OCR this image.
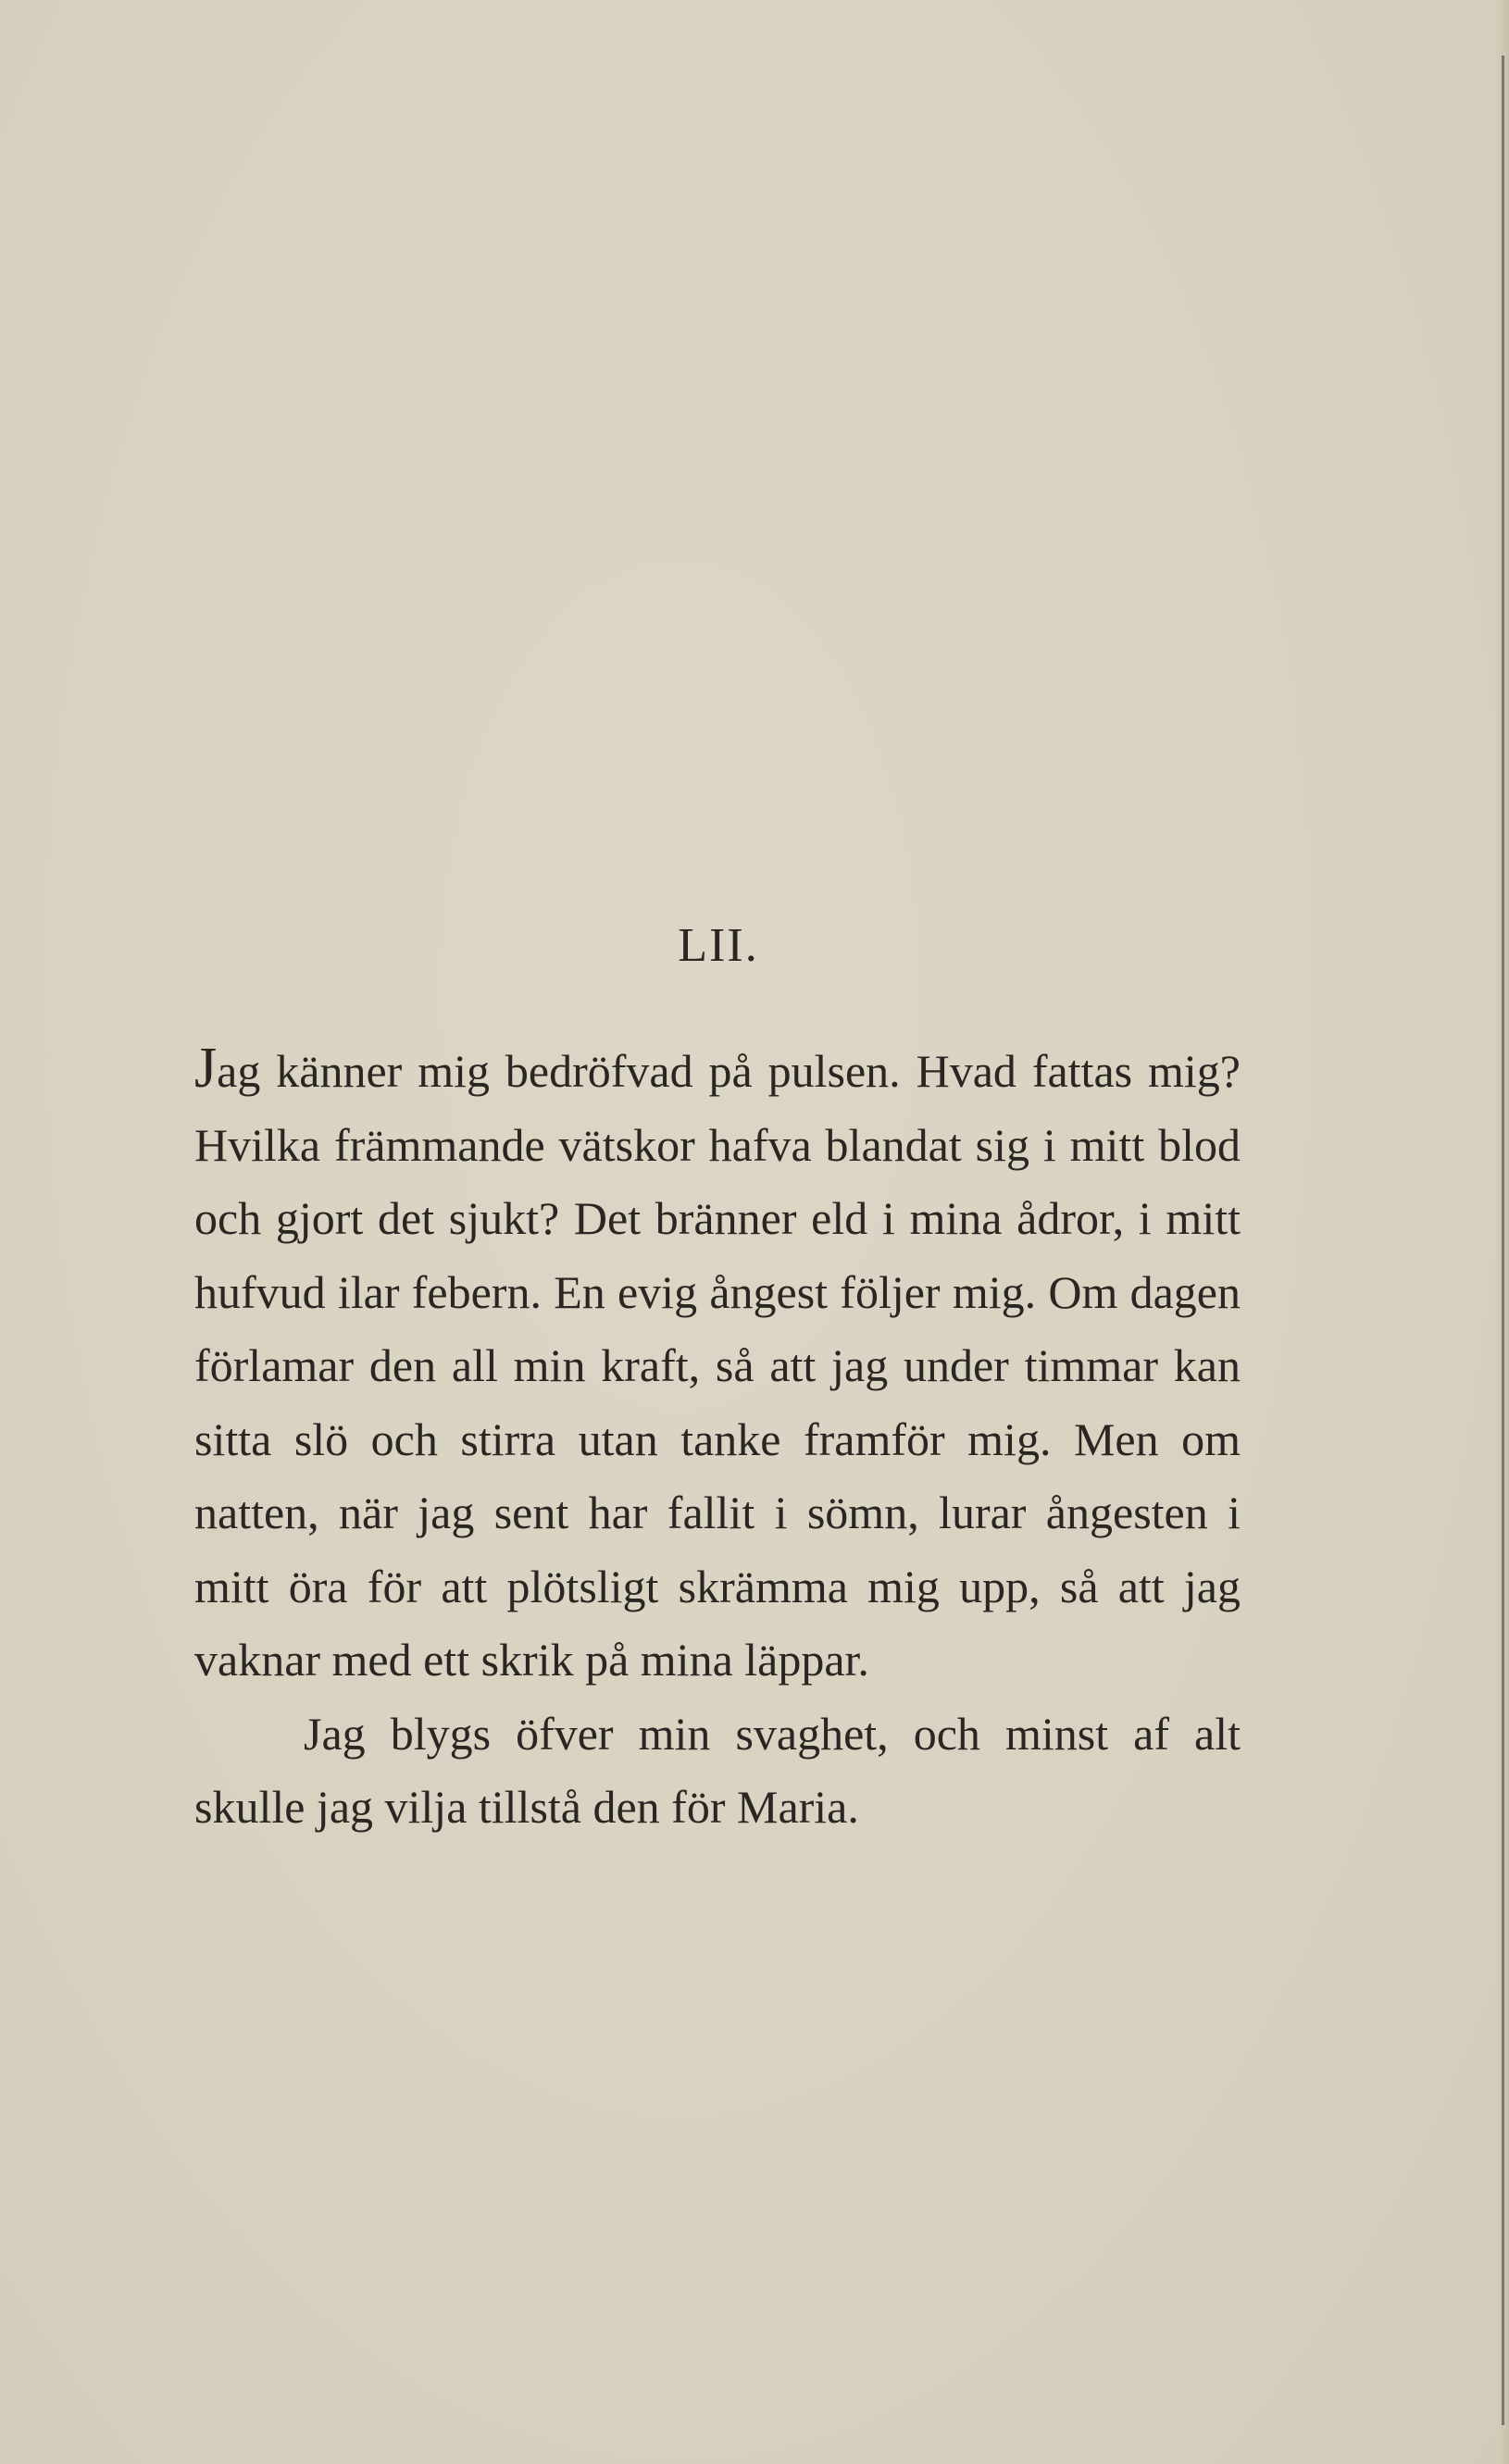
LII.

Jag känner mig bedröfvad på pulsen. Hvad fattas mig? Hvilka främmande vätskor hafva blandat sig i mitt blod och gjort det sjukt? Det bränner eld i mina ådror, i mitt hufvud ilar febern. En evig ångest följer mig. Om dagen förlamar den all min kraft, så att jag under timmar kan sitta slö och stirra utan tanke framför mig. Men om natten, när jag sent har fallit i sömn, lurar ångesten i mitt öra för att plötsligt skrämma mig upp, så att jag vaknar med ett skrik på mina läppar.

Jag blygs öfver min svaghet, och minst af alt skulle jag vilja tillstå den för Maria.
